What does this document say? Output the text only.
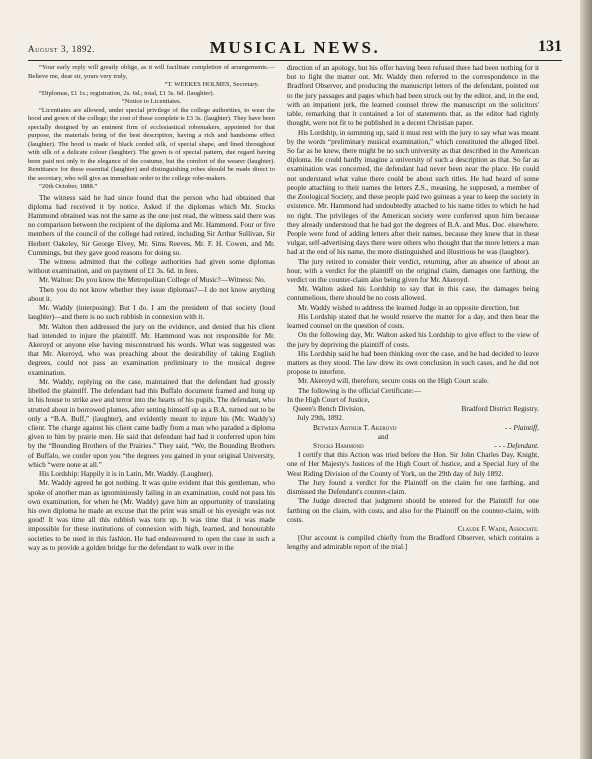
August 3, 1892.	MUSICAL NEWS.	131

“Your early reply will greatly oblige, as it will facilitate completion of arrangements.—Believe me, dear sir, yours very truly,

“T. WEEKES HOLMES, Secretary.

“Diplomas, £1 1s.; registration, 2s. 6d.; total, £1 3s. 6d. (laughter).

“Notice to Licentiates.

“Licentiates are allowed, under special privilege of the college authorities, to wear the hood and gown of the college; the cost of these complete is £3 3s. (laughter). They have been specially designed by an eminent firm of ecclesiastical robemakers, appointed for that purpose, the materials being of the best description, having a rich and handsome effect (laughter). The hood is made of black corded silk, of special shape, and lined throughout with silk of a delicate colour (laughter). The gown is of special pattern, due regard having been paid not only to the elegance of the costume, but the comfort of the wearer (laughter). Remittance for these essential (laughter) and distinguishing robes should be made direct to the secretary, who will give an immediate order to the college robe-makers.

“20th October, 1888.”

The witness said he had since found that the person who had obtained that diploma had received it by notice. Asked if the diplomas which Mr. Stocks Hammond obtained was not the same as the one just read, the witness said there was no comparison between the recipient of the diploma and Mr. Hammond. Four or five members of the council of the college had retired, including Sir Arthur Sullivan, Sir Herbert Oakeley, Sir George Elvey, Mr. Sims Reeves, Mr. F. H. Cowen, and Mr. Cummings, but they gave good reasons for doing so.

The witness admitted that the college authorities had given some diplomas without examination, and on payment of £1 3s. 6d. in fees.

Mr. Walton: Do you know the Metropolitan College of Music?—Witness: No.

Then you do not know whether they issue diplomas?—I do not know anything about it.

Mr. Waddy (interposing): But I do. I am the president of that society (loud laughter)—and there is no such rubbish in connexion with it.

Mr. Walton then addressed the jury on the evidence, and denied that his client had intended to injure the plaintiff. Mr. Hammond was not responsible for Mr. Akeroyd or anyone else having misconstrued his words. What was suggested was that Mr. Akeroyd, who was preaching about the desirability of taking English degrees, could not pass an examination preliminary to the musical degree examination.

Mr. Waddy, replying on the case, maintained that the defendant had grossly libelled the plaintiff. The defendant had this Buffalo document framed and hung up in his house to strike awe and terror into the hearts of his pupils. The defendant, who strutted about in borrowed plumes, after setting himself up as a B.A. turned out to be only a “B.A. Buff,” (laughter), and evidently meant to injure his (Mr. Waddy's) client. The charge against his client came badly from a man who paraded a diploma given to him by prairie men. He said that defendant had had it conferred upon him by the “Bounding Brothers of the Prairies.” They said, “We, the Bounding Brothers of Buffalo, we confer upon you “the degrees you gained in your original University, which “were none at all.”

His Lordship: Happily it is in Latin, Mr. Waddy. (Laughter).

Mr. Waddy agreed he got nothing. It was quite evident that this gentleman, who spoke of another man as ignominiously failing in an examination, could not pass his own examination, for when he (Mr. Waddy) gave him an opportunity of translating his own diploma he made an excuse that the print was small or his eyesight was not good! It was time all this rubbish was torn up. It was time that it was made impossible for these institutions of connexion with high, learned, and honourable societies to be used in this fashion. He had endeavoured to open the case in such a way as to provide a golden bridge for the defendant to walk over in the

direction of an apology, but his offer having been refused there had been nothing for it but to fight the matter out. Mr. Waddy then referred to the correspondence in the Bradford Observer, and producing the manuscript letters of the defendant, pointed out to the jury passages and pages which had been struck out by the editor, and, in the end, with an impatient jerk, the learned counsel threw the manuscript on the solicitors' table, remarking that it contained a lot of statements that, as the editor had rightly thought, were not fit to be published in a decent Christian paper.

His Lordship, in summing up, said it must rest with the jury to say what was meant by the words “preliminary musical examination,” which constituted the alleged libel. So far as he knew, there might be no such university as that described in the American diploma. He could hardly imagine a university of such a description as that. So far as examination was concerned, the defendant had never been near the place. He could not understand what value there could be about such titles. He had heard of some people attaching to their names the letters Z.S., meaning, he supposed, a member of the Zoological Society, and these people paid two guineas a year to keep the society in existence. Mr. Hammond had undoubtedly attached to his name titles to which he had no right. The privileges of the American society were conferred upon him because they already understood that he had got the degrees of B.A. and Mus. Doc. elsewhere. People were fond of adding letters after their names, because they knew that in these vulgar, self-advertising days there were others who thought that the more letters a man had at the end of his name, the more distinguished and illustrious he was (laughter).

The jury retired to consider their verdict, returning, after an absence of about an hour, with a verdict for the plaintiff on the original claim, damages one farthing, the verdict on the counter-claim also being given for Mr. Akeroyd.

Mr. Walton asked his Lordship to say that in this case, the damages being contumelious, there should be no costs allowed.

Mr. Waddy wished to address the learned Judge in an opposite direction, but

His Lordship stated that he would reserve the matter for a day, and then hear the learned counsel on the question of costs.

On the following day, Mr. Walton asked his Lordship to give effect to the view of the jury by depriving the plaintiff of costs.

His Lordship said he had been thinking over the case, and he had decided to leave matters as they stood. The law drew its own conclusion in such cases, and he did not propose to interfere.

Mr. Akeroyd will, therefore, secure costs on the High Court scale.

The following is the official Certificate:—

In the High Court of Justice,

Queen's Bench Division,	Bradford District Registry.

July 29th, 1892.

Between Arthur T. Akeroyd	- - Plaintiff,

and

Stocks Hammond	- - - Defendant.

I certify that this Action was tried before the Hon. Sir John Charles Day, Knight, one of Her Majesty's Justices of the High Court of Justice, and a Special Jury of the West Riding Division of the County of York, on the 29th day of July 1892.

The Jury found a verdict for the Plaintiff on the claim for one farthing, and dismissed the Defendant's counter-claim.

The Judge directed that judgment should be entered for the Plaintiff for one farthing on the claim, with costs, and also for the Plaintiff on the counter-claim, with costs.

Claude F. Wade, Associate.

[Our account is compiled chiefly from the Bradford Observer, which contains a lengthy and admirable report of the trial.]
